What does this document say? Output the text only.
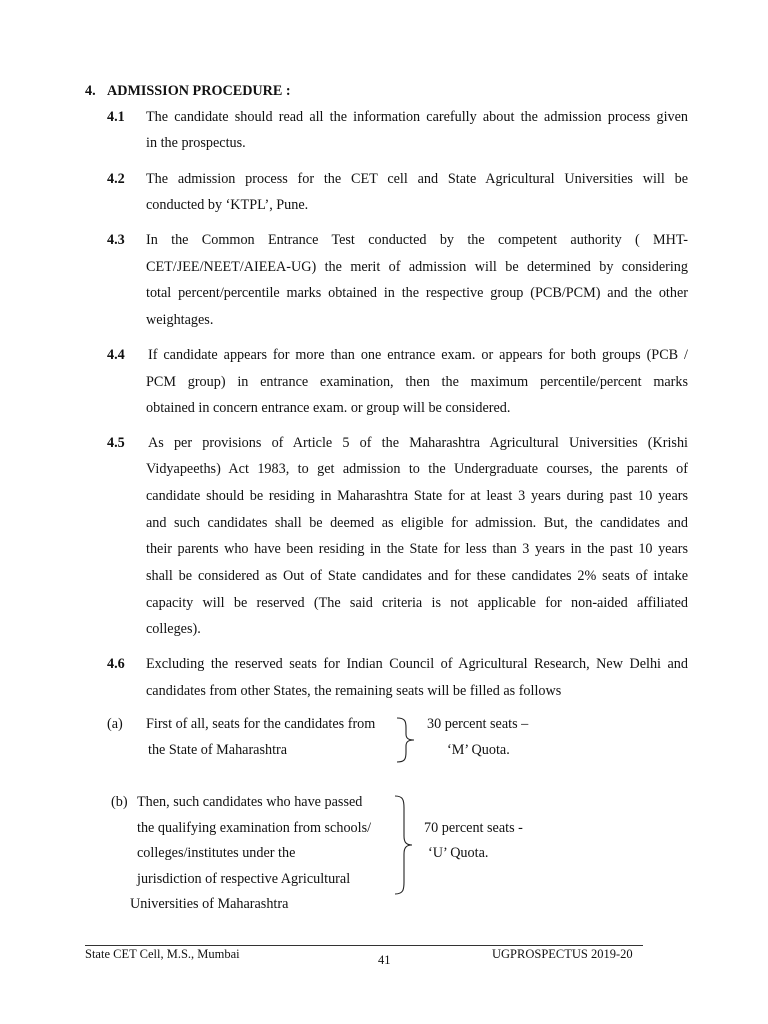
4. ADMISSION PROCEDURE :
4.1 The candidate should read all the information carefully about the admission process given
in the prospectus.
4.2 The admission process for the CET cell and State Agricultural Universities will be
conducted by ‘KTPL’, Pune.
4.3 In the Common Entrance Test conducted by the competent authority ( MHT-
CET/JEE/NEET/AIEEA-UG) the merit of admission will be determined by considering
total percent/percentile marks obtained in the respective group (PCB/PCM) and the other
weightages.
4.4 If candidate appears for more than one entrance exam. or appears for both groups (PCB /
PCM group) in entrance examination, then the maximum percentile/percent marks
obtained in concern entrance exam. or group will be considered.
4.5 As per provisions of Article 5 of the Maharashtra Agricultural Universities (Krishi
Vidyapeeths) Act 1983, to get admission to the Undergraduate courses, the parents of
candidate should be residing in Maharashtra State for at least 3 years during past 10 years
and such candidates shall be deemed as eligible for admission. But, the candidates and
their parents who have been residing in the State for less than 3 years in the past 10 years
shall be considered as Out of State candidates and for these candidates 2% seats of intake
capacity will be reserved (The said criteria is not applicable for non-aided affiliated
colleges).
4.6 Excluding the reserved seats for Indian Council of Agricultural Research, New Delhi and
candidates from other States, the remaining seats will be filled as follows
(a) First of all, seats for the candidates from
the State of Maharashtra
30 percent seats –
‘M’ Quota.
(b) Then, such candidates who have passed
the qualifying examination from schools/
colleges/institutes under the
jurisdiction of respective Agricultural
Universities of Maharashtra
70 percent seats -
‘U’ Quota.
State CET Cell, M.S., Mumbai	41	UGPROSPECTUS 2019-20
